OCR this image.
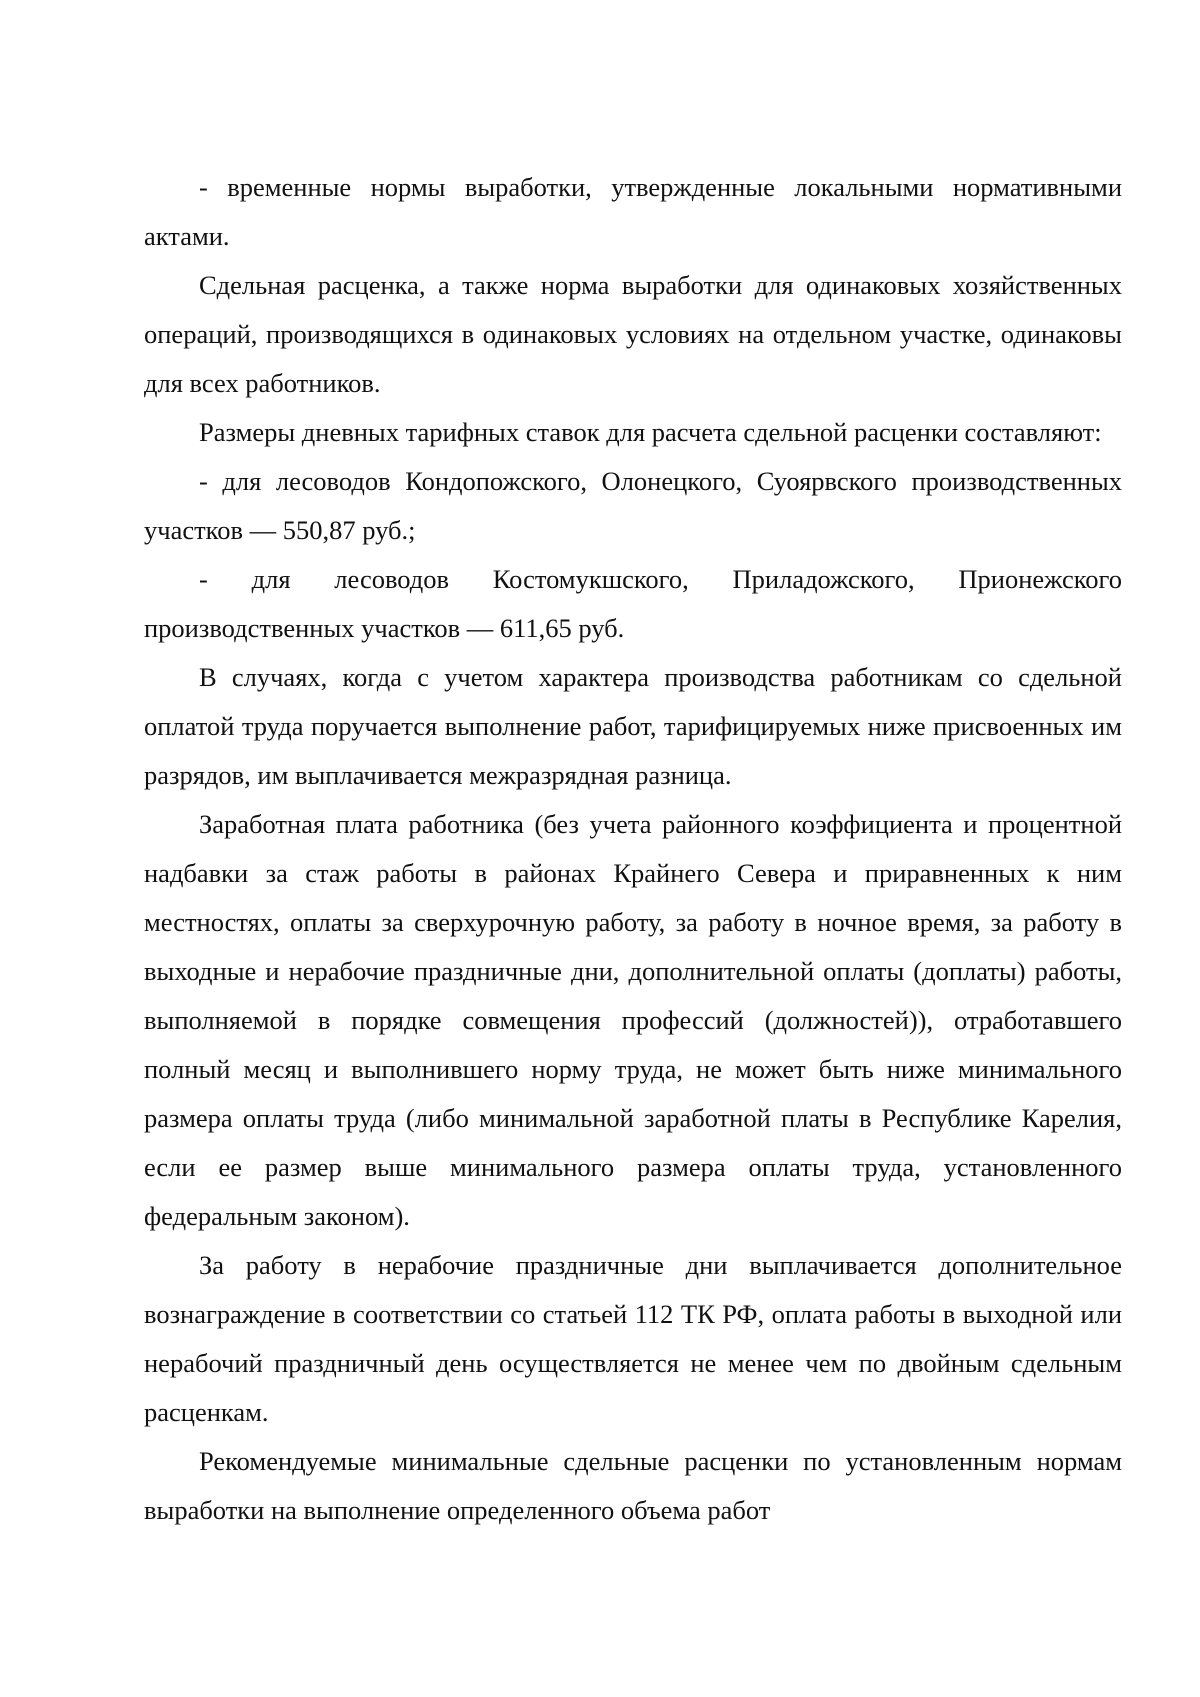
- временные нормы выработки, утвержденные локальными нормативными актами.

Сдельная расценка, а также норма выработки для одинаковых хозяйственных операций, производящихся в одинаковых условиях на отдельном участке, одинаковы для всех работников.

Размеры дневных тарифных ставок для расчета сдельной расценки составляют:

- для лесоводов Кондопожского, Олонецкого, Суоярвского производственных участков — 550,87 руб.;

- для лесоводов Костомукшского, Приладожского, Прионежского производственных участков — 611,65 руб.

В случаях, когда с учетом характера производства работникам со сдельной оплатой труда поручается выполнение работ, тарифицируемых ниже присвоенных им разрядов, им выплачивается межразрядная разница.

Заработная плата работника (без учета районного коэффициента и процентной надбавки за стаж работы в районах Крайнего Севера и приравненных к ним местностях, оплаты за сверхурочную работу, за работу в ночное время, за работу в выходные и нерабочие праздничные дни, дополнительной оплаты (доплаты) работы, выполняемой в порядке совмещения профессий (должностей)), отработавшего полный месяц и выполнившего норму труда, не может быть ниже минимального размера оплаты труда (либо минимальной заработной платы в Республике Карелия, если ее размер выше минимального размера оплаты труда, установленного федеральным законом).

За работу в нерабочие праздничные дни выплачивается дополнительное вознаграждение в соответствии со статьей 112 ТК РФ, оплата работы в выходной или нерабочий праздничный день осуществляется не менее чем по двойным сдельным расценкам.

Рекомендуемые минимальные сдельные расценки по установленным нормам выработки на выполнение определенного объема работ
